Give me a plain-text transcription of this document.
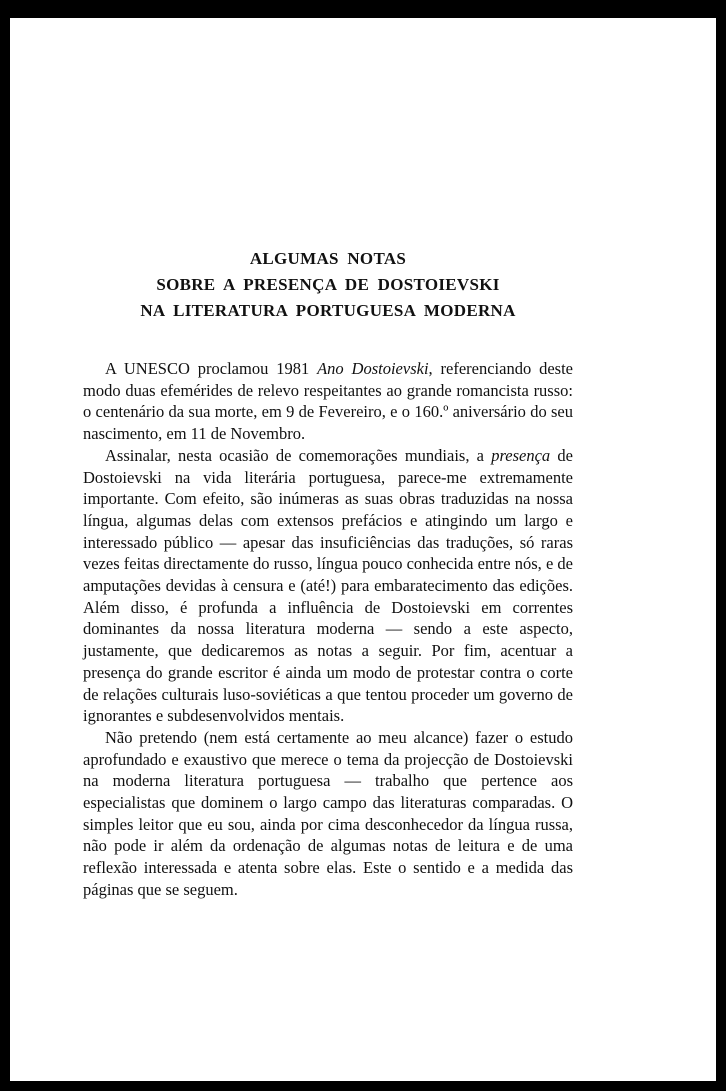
ALGUMAS NOTAS
SOBRE A PRESENÇA DE DOSTOIEVSKI
NA LITERATURA PORTUGUESA MODERNA

A UNESCO proclamou 1981 Ano Dostoievski, referenciando deste modo duas efemérides de relevo respeitantes ao grande romancista russo: o centenário da sua morte, em 9 de Fevereiro, e o 160.º aniversário do seu nascimento, em 11 de Novembro.

Assinalar, nesta ocasião de comemorações mundiais, a presença de Dostoievski na vida literária portuguesa, parece-me extremamente importante. Com efeito, são inúmeras as suas obras traduzidas na nossa língua, algumas delas com extensos prefácios e atingindo um largo e interessado público — apesar das insuficiências das traduções, só raras vezes feitas directamente do russo, língua pouco conhecida entre nós, e de amputações devidas à censura e (até!) para embaratecimento das edições. Além disso, é profunda a influência de Dostoievski em correntes dominantes da nossa literatura moderna — sendo a este aspecto, justamente, que dedicaremos as notas a seguir. Por fim, acentuar a presença do grande escritor é ainda um modo de protestar contra o corte de relações culturais luso-soviéticas a que tentou proceder um governo de ignorantes e subdesenvolvidos mentais.

Não pretendo (nem está certamente ao meu alcance) fazer o estudo aprofundado e exaustivo que merece o tema da projecção de Dostoievski na moderna literatura portuguesa — trabalho que pertence aos especialistas que dominem o largo campo das literaturas comparadas. O simples leitor que eu sou, ainda por cima desconhecedor da língua russa, não pode ir além da ordenação de algumas notas de leitura e de uma reflexão interessada e atenta sobre elas. Este o sentido e a medida das páginas que se seguem.
